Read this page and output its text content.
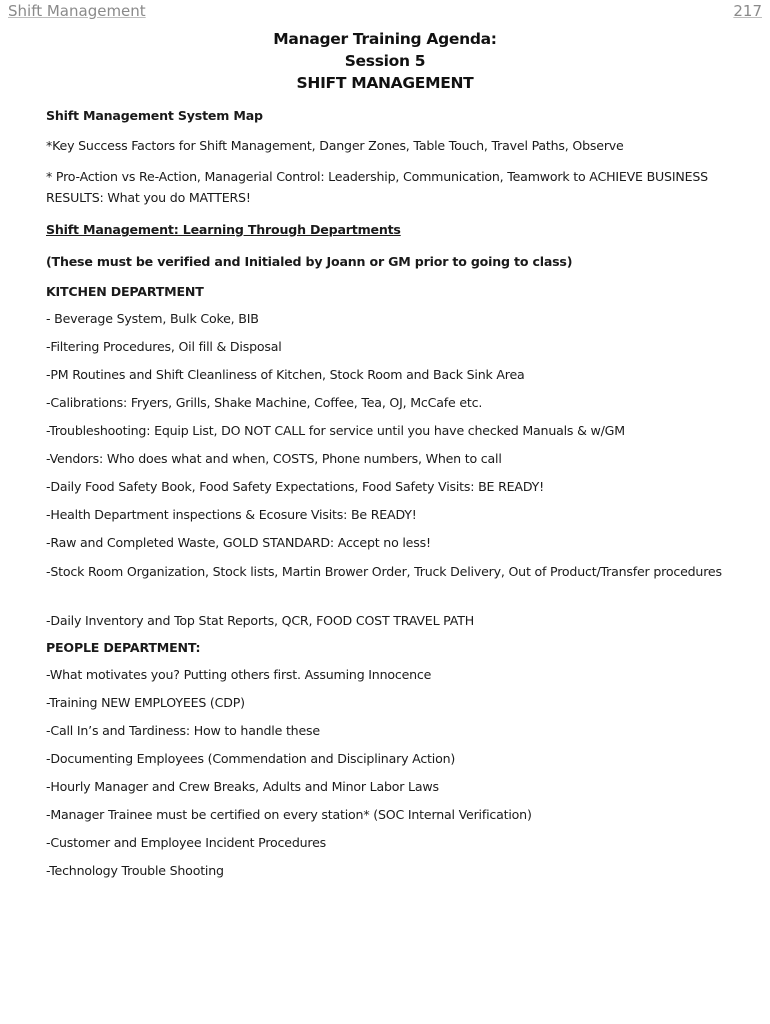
Shift Management	217
Manager Training Agenda:
Session 5
SHIFT MANAGEMENT
Shift Management System Map
*Key Success Factors for Shift Management, Danger Zones, Table Touch, Travel Paths, Observe
* Pro-Action vs Re-Action, Managerial Control: Leadership, Communication, Teamwork to ACHIEVE BUSINESS RESULTS: What you do MATTERS!
Shift Management: Learning Through Departments
(These must be verified and Initialed by Joann or GM prior to going to class)
KITCHEN DEPARTMENT
- Beverage System, Bulk Coke, BIB
-Filtering Procedures, Oil fill & Disposal
-PM Routines and Shift Cleanliness of Kitchen, Stock Room and Back Sink Area
-Calibrations: Fryers, Grills, Shake Machine, Coffee, Tea, OJ, McCafe etc.
-Troubleshooting: Equip List, DO NOT CALL for service until you have checked Manuals & w/GM
-Vendors: Who does what and when, COSTS, Phone numbers, When to call
-Daily Food Safety Book, Food Safety Expectations, Food Safety Visits: BE READY!
-Health Department inspections & Ecosure Visits: Be READY!
-Raw and Completed Waste, GOLD STANDARD: Accept no less!
-Stock Room Organization, Stock lists, Martin Brower Order, Truck Delivery, Out of Product/Transfer procedures
-Daily Inventory and Top Stat Reports, QCR, FOOD COST TRAVEL PATH
PEOPLE DEPARTMENT:
-What motivates you? Putting others first. Assuming Innocence
-Training NEW EMPLOYEES (CDP)
-Call In’s and Tardiness: How to handle these
-Documenting Employees (Commendation and Disciplinary Action)
-Hourly Manager and Crew Breaks, Adults and Minor Labor Laws
-Manager Trainee must be certified on every station* (SOC Internal Verification)
-Customer and Employee Incident Procedures
-Technology Trouble Shooting
